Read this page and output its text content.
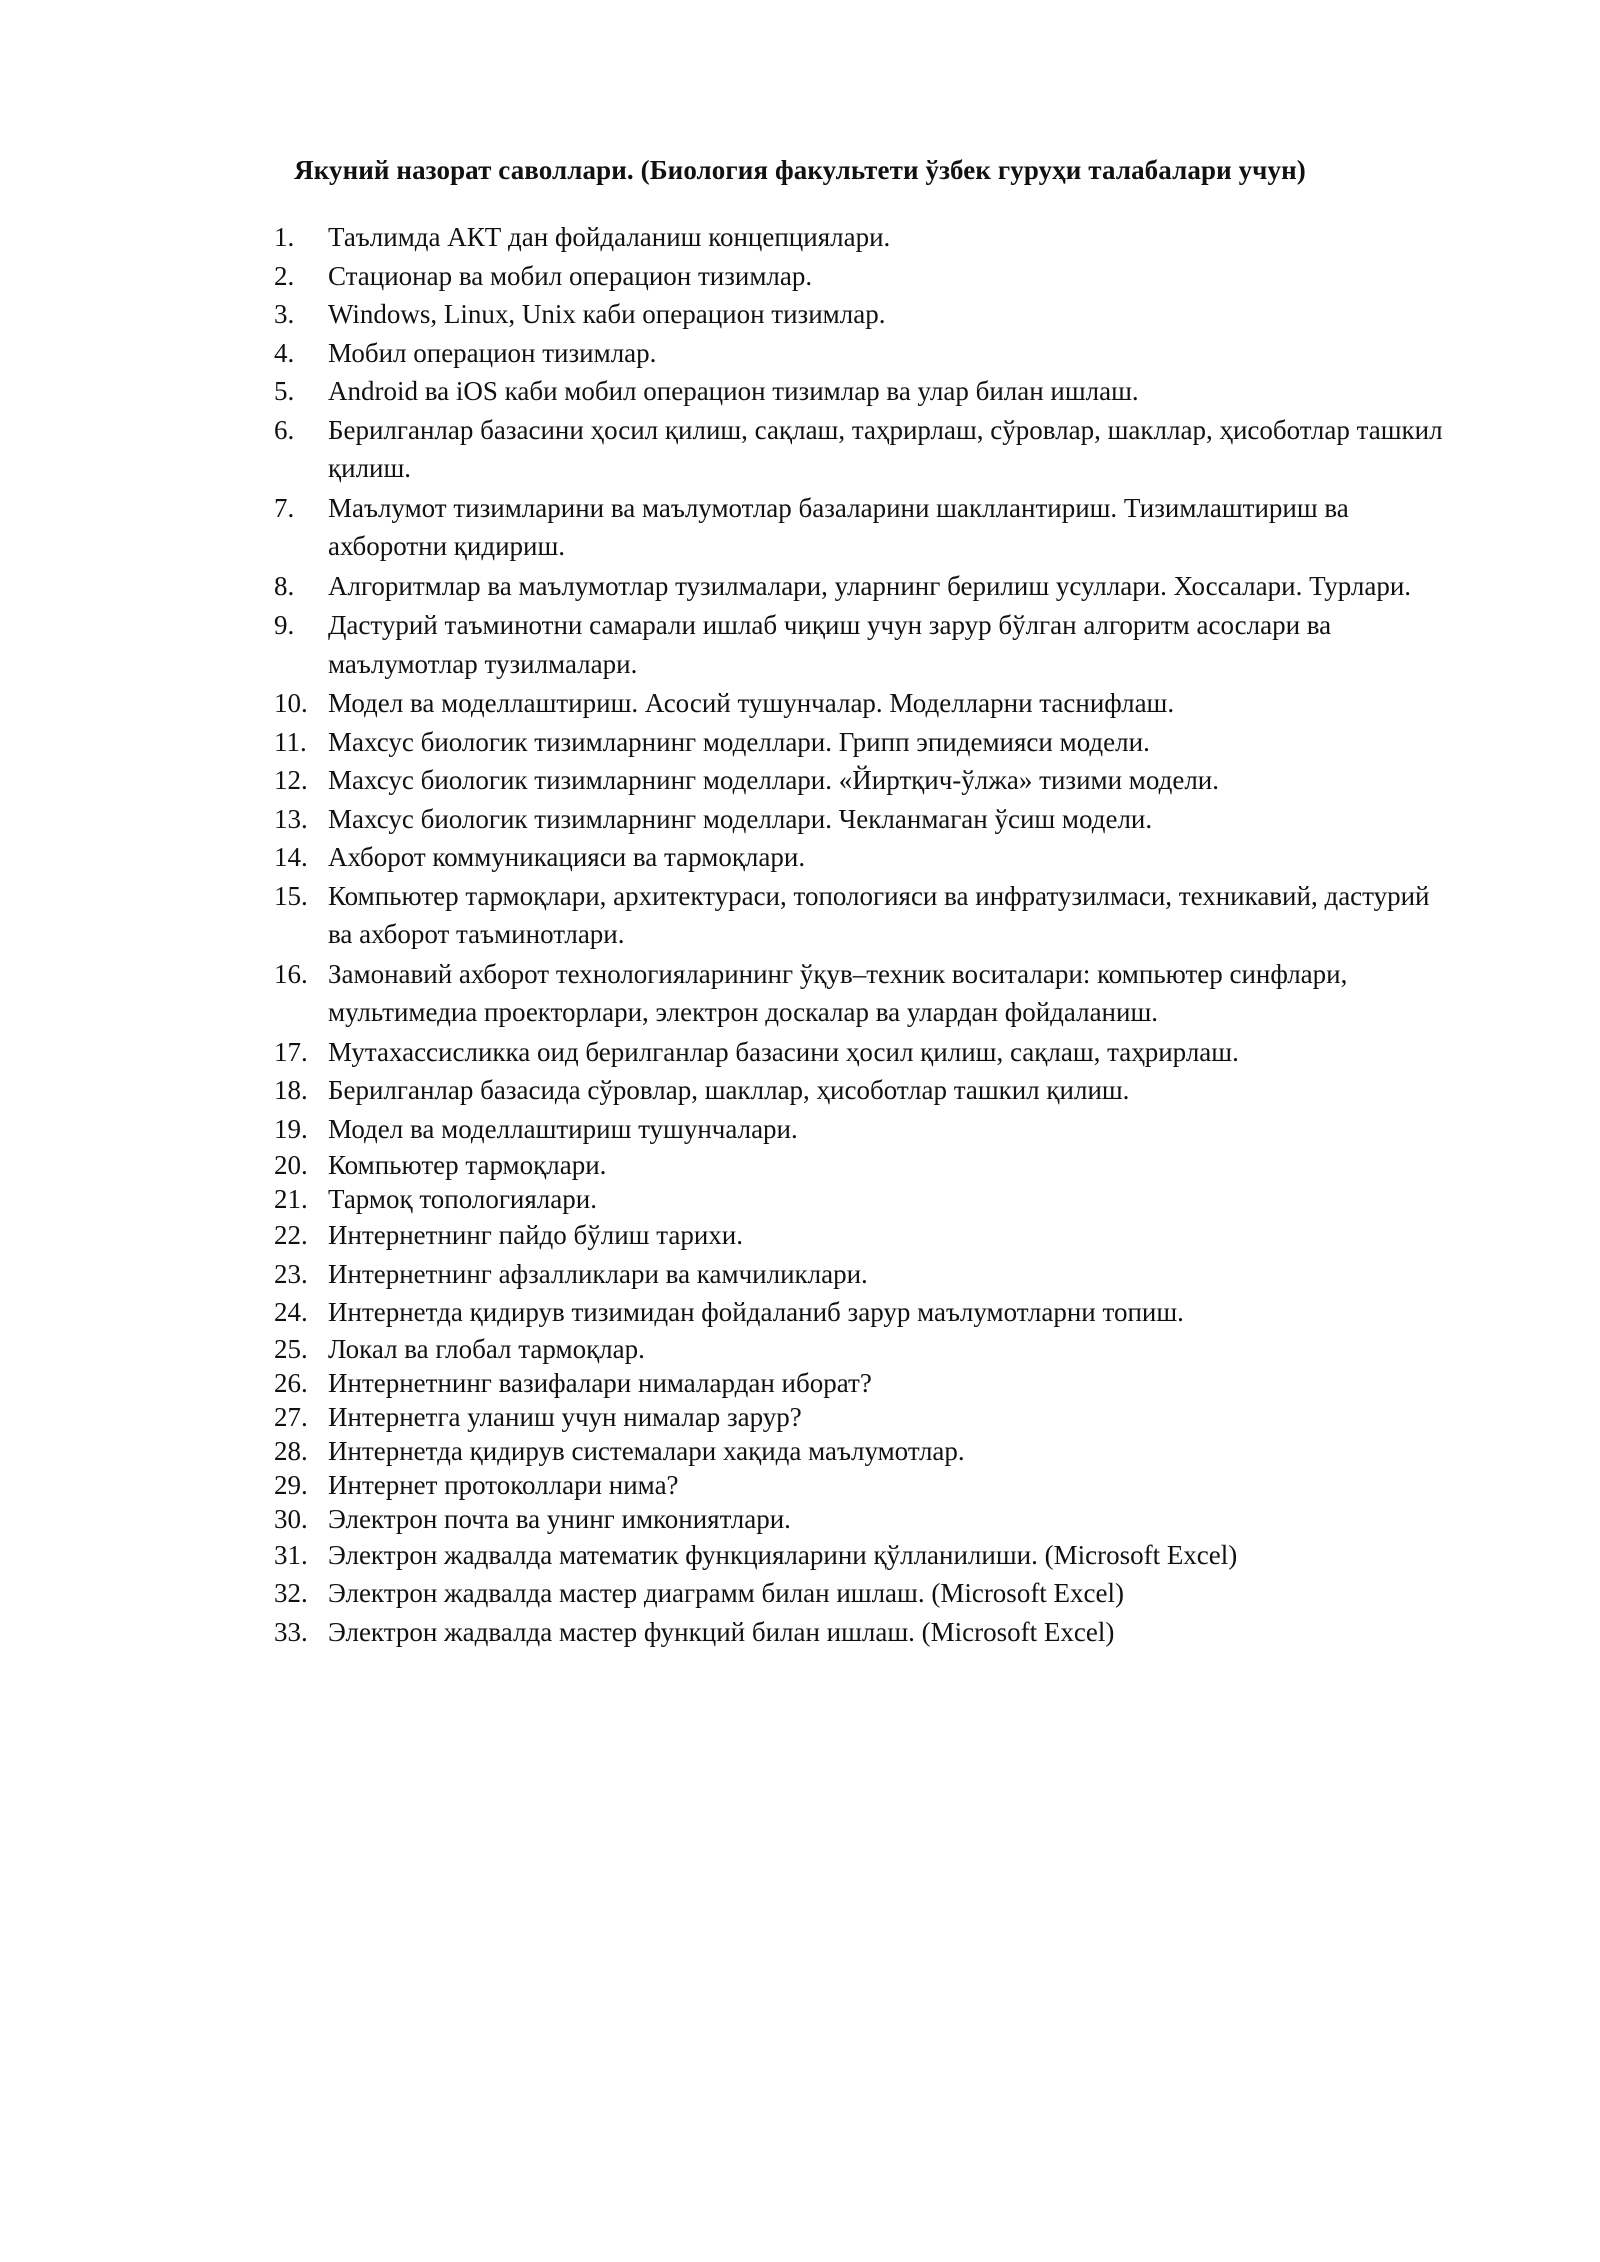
Якуний назорат саволлари. (Биология факультети ўзбек гуруҳи талабалари учун)
1.	Таълимда АКТ дан фойдаланиш концепциялари.
2.	Стационар ва мобил операцион тизимлар.
3.	Windows, Linux, Unix каби операцион тизимлар.
4.	Мобил операцион тизимлар.
5.	Android ва iOS каби мобил операцион тизимлар ва улар билан ишлаш.
6.	Берилганлар базасини ҳосил қилиш, сақлаш, таҳрирлаш, сўровлар, шакллар, ҳисоботлар ташкил қилиш.
7.	Маълумот тизимларини ва маълумотлар базаларини шакллантириш. Тизимлаштириш ва ахборотни қидириш.
8.	Алгоритмлар ва маълумотлар тузилмалари, уларнинг берилиш усуллари. Хоссалари. Турлари.
9.	Дастурий таъминотни самарали ишлаб чиқиш учун зарур бўлган алгоритм асослари ва маълумотлар тузилмалари.
10. Модел ва моделлаштириш. Асосий тушунчалар. Моделларни таснифлаш.
11. Махсус биологик тизимларнинг моделлари. Грипп эпидемияси модели.
12. Махсус биологик тизимларнинг моделлари. «Йиртқич-ўлжа» тизими модели.
13. Махсус биологик тизимларнинг моделлари. Чекланмаган ўсиш модели.
14. Ахборот коммуникацияси ва тармоқлари.
15. Компьютер тармоқлари, архитектураси, топологияси ва инфратузилмаси, техникавий, дастурий ва ахборот таъминотлари.
16. Замонавий ахборот технологияларининг ўқув–техник воситалари: компьютер синфлари, мультимедиа проекторлари, электрон доскалар ва улардан фойдаланиш.
17. Мутахассисликка оид берилганлар базасини ҳосил қилиш, сақлаш, таҳрирлаш.
18. Берилганлар базасида сўровлар, шакллар, ҳисоботлар ташкил қилиш.
19. Модел ва моделлаштириш тушунчалари.
20. Компьютер тармоқлари.
21. Тармоқ топологиялари.
22. Интернетнинг пайдо бўлиш тарихи.
23. Интернетнинг афзалликлари ва камчиликлари.
24. Интернетда қидирув тизимидан фойдаланиб зарур маълумотларни топиш.
25. Локал ва глобал тармоқлар.
26. Интернетнинг вазифалари нималардан иборат?
27. Интернетга уланиш учун нималар зарур?
28. Интернетда қидирув системалари хақида маълумотлар.
29. Интернет протоколлари нима?
30. Электрон почта ва унинг имкониятлари.
31. Электрон жадвалда математик функцияларини қўлланилиши. (Microsoft Excel)
32. Электрон жадвалда мастер диаграмм билан ишлаш. (Microsoft Excel)
33. Электрон жадвалда мастер функций билан ишлаш. (Microsoft Excel)
